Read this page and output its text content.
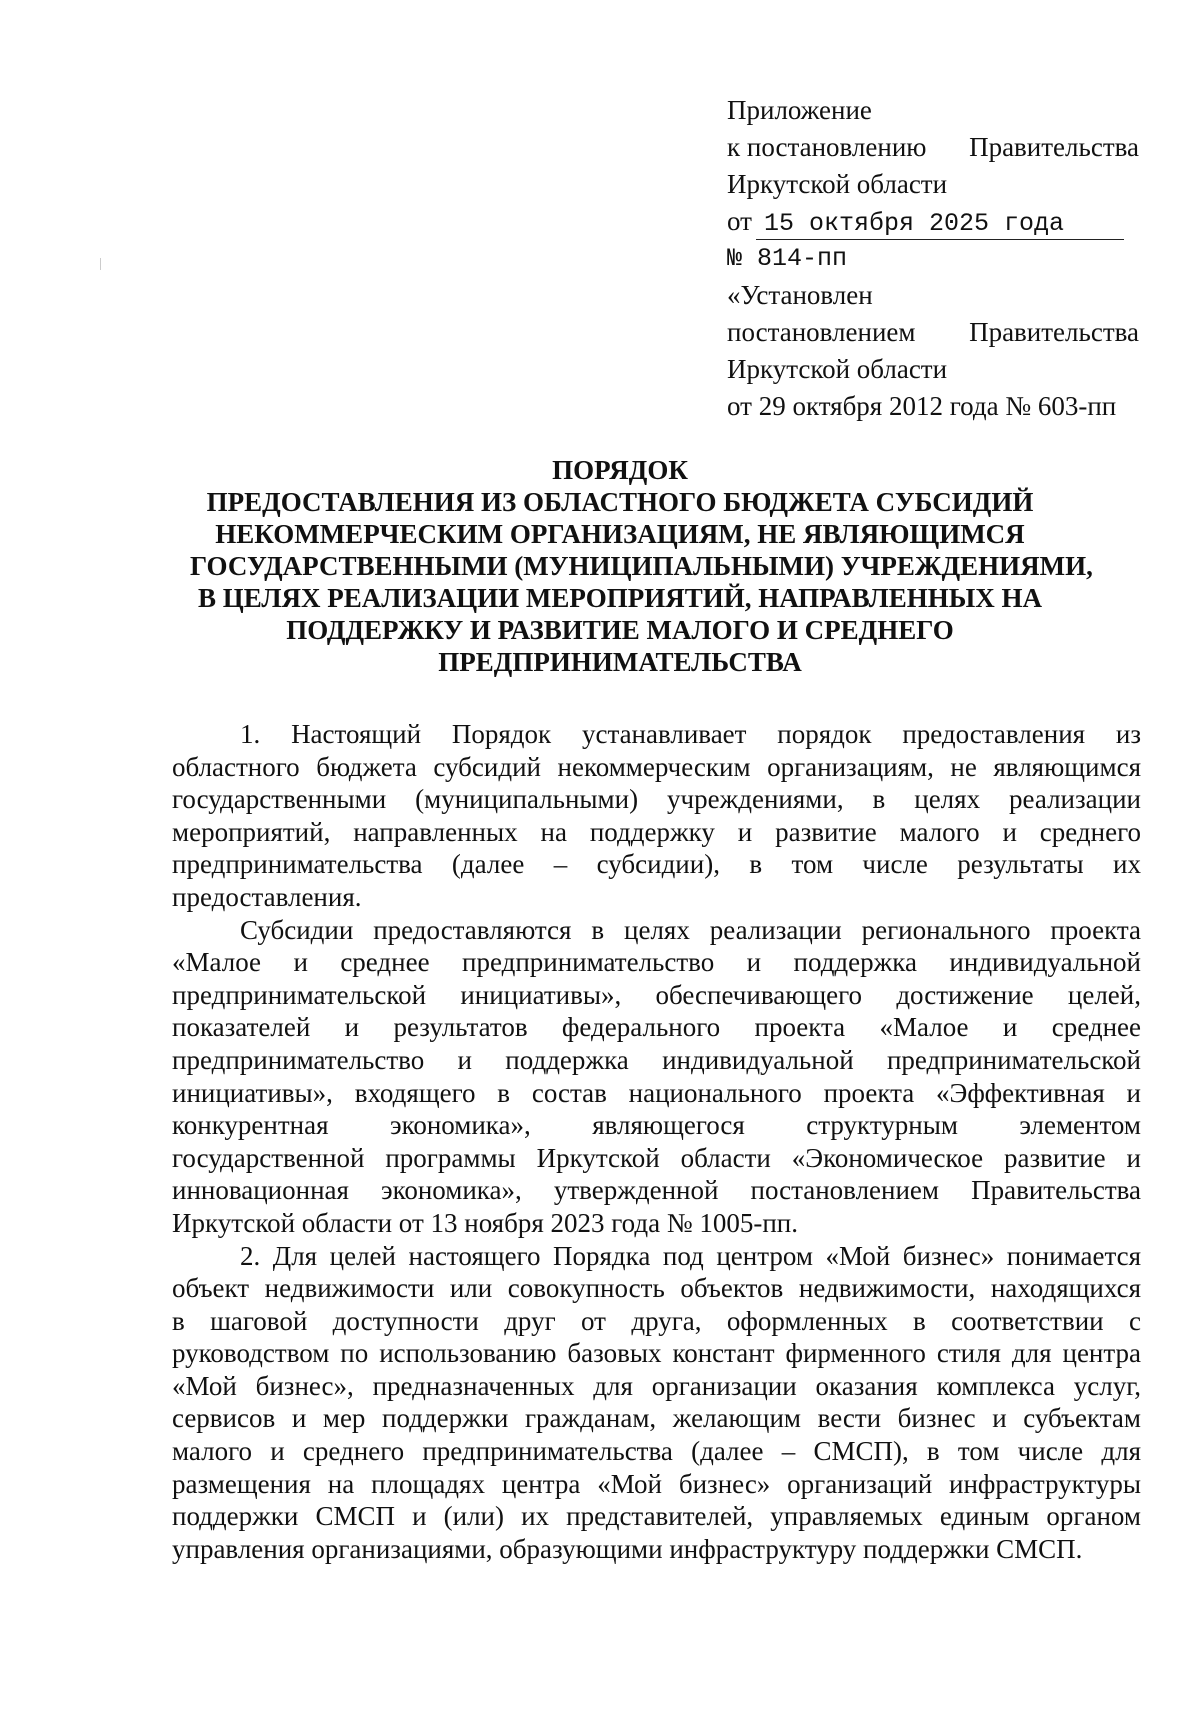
Приложение
к постановлению Правительства
Иркутской области
от 15 октября 2025 года
№ 814-пп
«Установлен
постановлением Правительства
Иркутской области
от 29 октября 2012 года № 603-пп
ПОРЯДОК
ПРЕДОСТАВЛЕНИЯ ИЗ ОБЛАСТНОГО БЮДЖЕТА СУБСИДИЙ
НЕКОММЕРЧЕСКИМ ОРГАНИЗАЦИЯМ, НЕ ЯВЛЯЮЩИМСЯ
ГОСУДАРСТВЕННЫМИ (МУНИЦИПАЛЬНЫМИ) УЧРЕЖДЕНИЯМИ,
В ЦЕЛЯХ РЕАЛИЗАЦИИ МЕРОПРИЯТИЙ, НАПРАВЛЕННЫХ НА
ПОДДЕРЖКУ И РАЗВИТИЕ МАЛОГО И СРЕДНЕГО
ПРЕДПРИНИМАТЕЛЬСТВА
1. Настоящий Порядок устанавливает порядок предоставления из
областного бюджета субсидий некоммерческим организациям, не являющимся
государственными (муниципальными) учреждениями, в целях реализации
мероприятий, направленных на поддержку и развитие малого и среднего
предпринимательства (далее – субсидии), в том числе результаты их
предоставления.
Субсидии предоставляются в целях реализации регионального проекта
«Малое и среднее предпринимательство и поддержка индивидуальной
предпринимательской инициативы», обеспечивающего достижение целей,
показателей и результатов федерального проекта «Малое и среднее
предпринимательство и поддержка индивидуальной предпринимательской
инициативы», входящего в состав национального проекта «Эффективная и
конкурентная экономика», являющегося структурным элементом
государственной программы Иркутской области «Экономическое развитие и
инновационная экономика», утвержденной постановлением Правительства
Иркутской области от 13 ноября 2023 года № 1005-пп.
2. Для целей настоящего Порядка под центром «Мой бизнес» понимается
объект недвижимости или совокупность объектов недвижимости, находящихся
в шаговой доступности друг от друга, оформленных в соответствии с
руководством по использованию базовых констант фирменного стиля для центра
«Мой бизнес», предназначенных для организации оказания комплекса услуг,
сервисов и мер поддержки гражданам, желающим вести бизнес и субъектам
малого и среднего предпринимательства (далее – СМСП), в том числе для
размещения на площадях центра «Мой бизнес» организаций инфраструктуры
поддержки СМСП и (или) их представителей, управляемых единым органом
управления организациями, образующими инфраструктуру поддержки СМСП.
